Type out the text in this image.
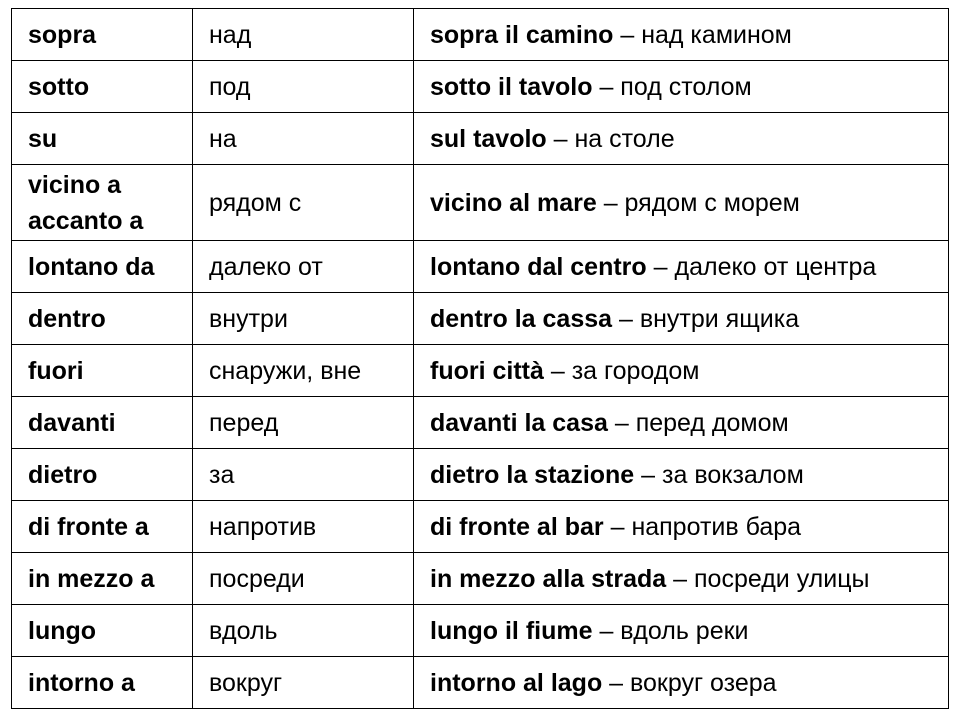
sopra	над	sopra il camino – над камином
sotto	под	sotto il tavolo – под столом
su	на	sul tavolo – на столе
vicino a
accanto a	рядом с	vicino al mare – рядом с морем
lontano da	далеко от	lontano dal centro – далеко от центра
dentro	внутри	dentro la cassa – внутри ящика
fuori	снаружи, вне	fuori città – за городом
davanti	перед	davanti la casa – перед домом
dietro	за	dietro la stazione – за вокзалом
di fronte a	напротив	di fronte al bar – напротив бара
in mezzo a	посреди	in mezzo alla strada – посреди улицы
lungo	вдоль	lungo il fiume – вдоль реки
intorno a	вокруг	intorno al lago – вокруг озера
